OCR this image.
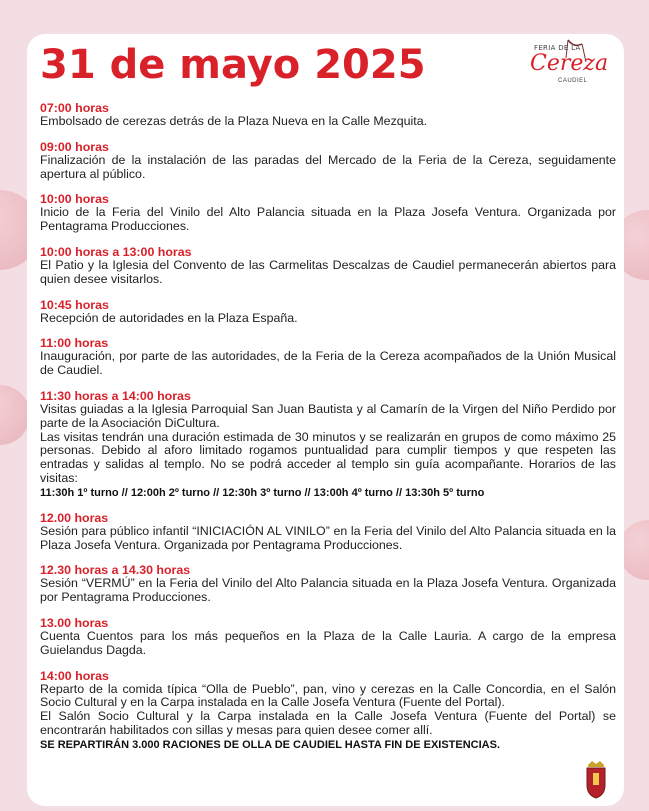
31 de mayo 2025	FERIA DE LA
Cereza
CAUDIEL
07:00 horas

Embolsado de cerezas detrás de la Plaza Nueva en la Calle Mezquita.

09:00 horas

Finalización de la instalación de las paradas del Mercado de la Feria de la Cereza, seguidamente apertura al público.

10:00 horas

Inicio de la Feria del Vinilo del Alto Palancia situada en la Plaza Josefa Ventura. Organizada por Pentagrama Producciones.

10:00 horas a 13:00 horas

El Patio y la Iglesia del Convento de las Carmelitas Descalzas de Caudiel permanecerán abiertos para quien desee visitarlos.

10:45 horas

Recepción de autoridades en la Plaza España.

11:00 horas

Inauguración, por parte de las autoridades, de la Feria de la Cereza acompañados de la Unión Musical de Caudiel.

11:30 horas a 14:00 horas

Visitas guiadas a la Iglesia Parroquial San Juan Bautista y al Camarín de la Virgen del Niño Perdido por parte de la Asociación DiCultura.

Las visitas tendrán una duración estimada de 30 minutos y se realizarán en grupos de como máximo 25 personas. Debido al aforo limitado rogamos puntualidad para cumplir tiempos y que respeten las entradas y salidas al templo. No se podrá acceder al templo sin guía acompañante. Horarios de las visitas:

11:30h 1º turno // 12:00h 2º turno // 12:30h 3º turno // 13:00h 4º turno // 13:30h 5º turno
12.00 horas

Sesión para público infantil “INICIACIÓN AL VINILO” en la Feria del Vinilo del Alto Palancia situada en la Plaza Josefa Ventura. Organizada por Pentagrama Producciones.

12.30 horas a 14.30 horas

Sesión “VERMÚ” en la Feria del Vinilo del Alto Palancia situada en la Plaza Josefa Ventura. Organizada por Pentagrama Producciones.

13.00 horas

Cuenta Cuentos para los más pequeños en la Plaza de la Calle Lauria. A cargo de la empresa Guielandus Dagda.

14:00 horas

Reparto de la comida típica “Olla de Pueblo”, pan, vino y cerezas en la Calle Concordia, en el Salón Socio Cultural y en la Carpa instalada en la Calle Josefa Ventura (Fuente del Portal).

El Salón Socio Cultural y la Carpa instalada en la Calle Josefa Ventura (Fuente del Portal) se encontrarán habilitados con sillas y mesas para quien desee comer allí.

SE REPARTIRÁN 3.000 RACIONES DE OLLA DE CAUDIEL HASTA FIN DE EXISTENCIAS.
